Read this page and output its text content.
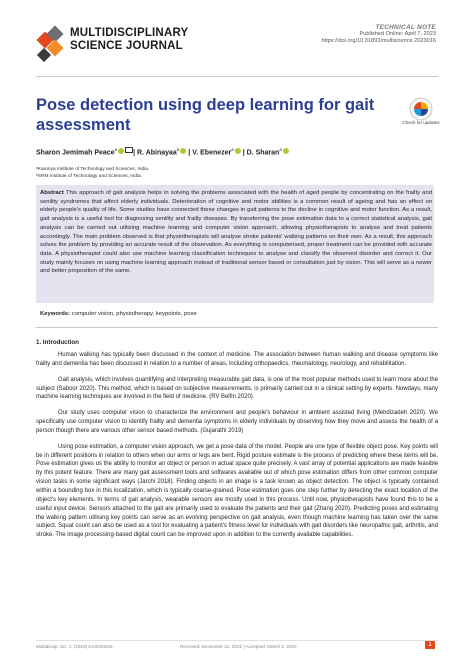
MULTIDISCIPLINARY
SCIENCE JOURNAL
TECHNICAL NOTE
Published Online: April 7, 2023
https://doi.org/10.31893/multiscience.2023016
Pose detection using deep learning for gait assessment	Check for updates
Sharon Jemimah Peace$^a$ | R. Abinayaa$^a$ | V. Ebenezer$^a$ | D. Sharan$^a$
ᵃKarunya Institute of Technology and Sciences, India.
ᵇSRM Institute of Technology and Sciences, India.

Abstract This approach of gait analysis helps in solving the problems associated with the health of aged people by concentrating on the frailty and senility syndromes that affect elderly individuals. Deterioration of cognitive and motor abilities is a common result of ageing and has an effect on elderly people's quality of life. Some studies have connected these changes in gait patterns to the decline in cognitive and motor function. As a result, gait analysis is a useful tool for diagnosing senility and frailty diseases. By transferring the pose estimation data to a correct statistical analysis, gait analysis can be carried out utilizing machine learning and computer vision approach, allowing physiotherapists to analyse and treat patients accordingly. The main problem observed is that physiotherapists will analyse stroke patients' walking patterns on their own. As a result, this approach solves the problem by providing an accurate result of the observation. As everything is computerised, proper treatment can be provided with accurate data. A physiotherapist could also use machine learning classification techniques to analyse and classify the observed disorder and correct it. Our study mainly focuses on using machine learning approach instead of traditional sensor based or consultation just by vision. This will serve as a newer and better proposition of the same.

Keywords: computer vision, physiotherapy, keypoints, pose
1. Introduction

Human walking has typically been discussed in the context of medicine. The association between human walking and disease symptoms like frailty and dementia has been discussed in relation to a number of areas, including orthopaedics, rheumatology, neurology, and rehabilitation.

Gait analysis, which involves quantifying and interpreting measurable gait data, is one of the most popular methods used to learn more about the subject (Saboor 2020). This method, which is based on subjective measurements, is primarily carried out in a clinical setting by experts. Nowdays, many machine learning techniques are involved in the field of medicine. (RV Belfin 2020).

Our study uses computer vision to characterize the environment and people's behaviour in ambient assisted living (Mehdizadeh 2020). We specifically use computer vision to identify frailty and dementia symptoms in elderly individuals by observing how they move and assess the health of a person though there are various other sensor based methods. (Gujarathi 2019)

Using pose estimation, a computer vision approach, we get a pose data of the model. People are one type of flexible object pose. Key points will be in different positions in relation to others when our arms or legs are bent. Rigid posture estimate is the process of predicting where these items will be. Pose estimation gives us the ability to monitor an object or person in actual space quite precisely. A vast array of potential applications are made feasible by this potent feature. There are many gait assessment tools and softwares available out of which pose estimation differs from other common computer vision tasks in some significant ways (Jarchi 2018). Finding objects in an image is a task known as object detection. The object is typically contained within a bounding box in this localization, which is typically coarse-grained. Pose estimation goes one step further by detecting the exact location of the object's key elements. In terms of gait analysis, wearable sensors are mostly used in this process. Until now, physiotherapists have found this to be a useful input device. Sensors attached to the gait are primarily used to evaluate the patients and their gait (Zhang 2020). Predicting poses and estimating the walking pattern utilising key points can serve as an evolving perspective on gait analysis, even though machine learning has taken over the same subject. Squat count can also be used as a tool for evaluating a patient's fitness level for individuals with gait disorders like neuropathic gait, arthritis, and stroke. The image processing-based digital count can be improved upon in addition to the currently available capabilities.

Multidiscip. Sci. J. (2023) 5:e2023016	Received: December 31, 2022 | Accepted: March 2, 2023	1
